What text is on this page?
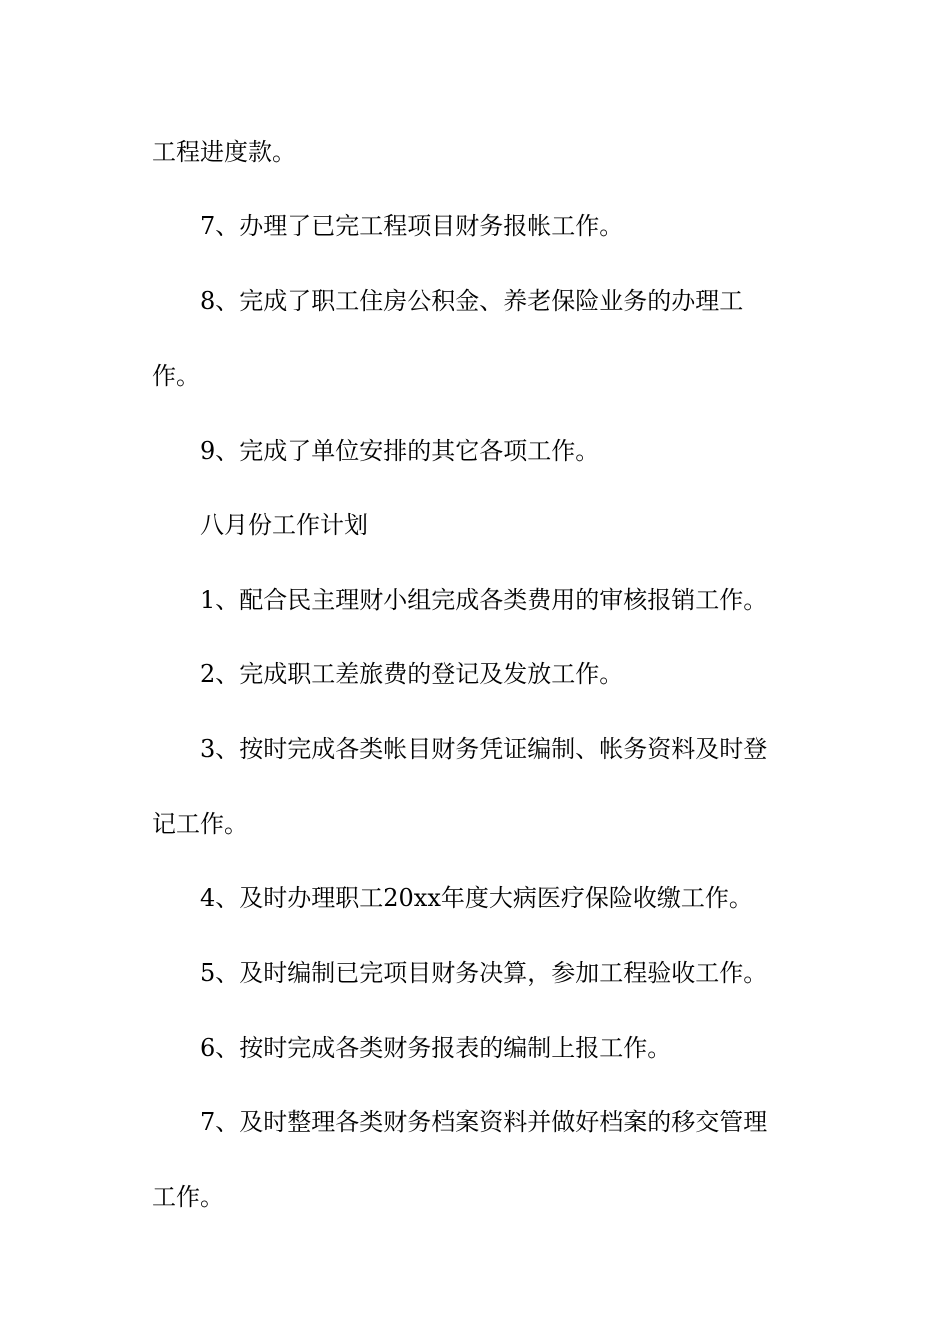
工程进度款。

7、办理了已完工程项目财务报帐工作。

8、完成了职工住房公积金、养老保险业务的办理工

作。

9、完成了单位安排的其它各项工作。

八月份工作计划

1、配合民主理财小组完成各类费用的审核报销工作。

2、完成职工差旅费的登记及发放工作。

3、按时完成各类帐目财务凭证编制、帐务资料及时登

记工作。

4、及时办理职工20xx年度大病医疗保险收缴工作。

5、及时编制已完项目财务决算，参加工程验收工作。

6、按时完成各类财务报表的编制上报工作。

7、及时整理各类财务档案资料并做好档案的移交管理

工作。
